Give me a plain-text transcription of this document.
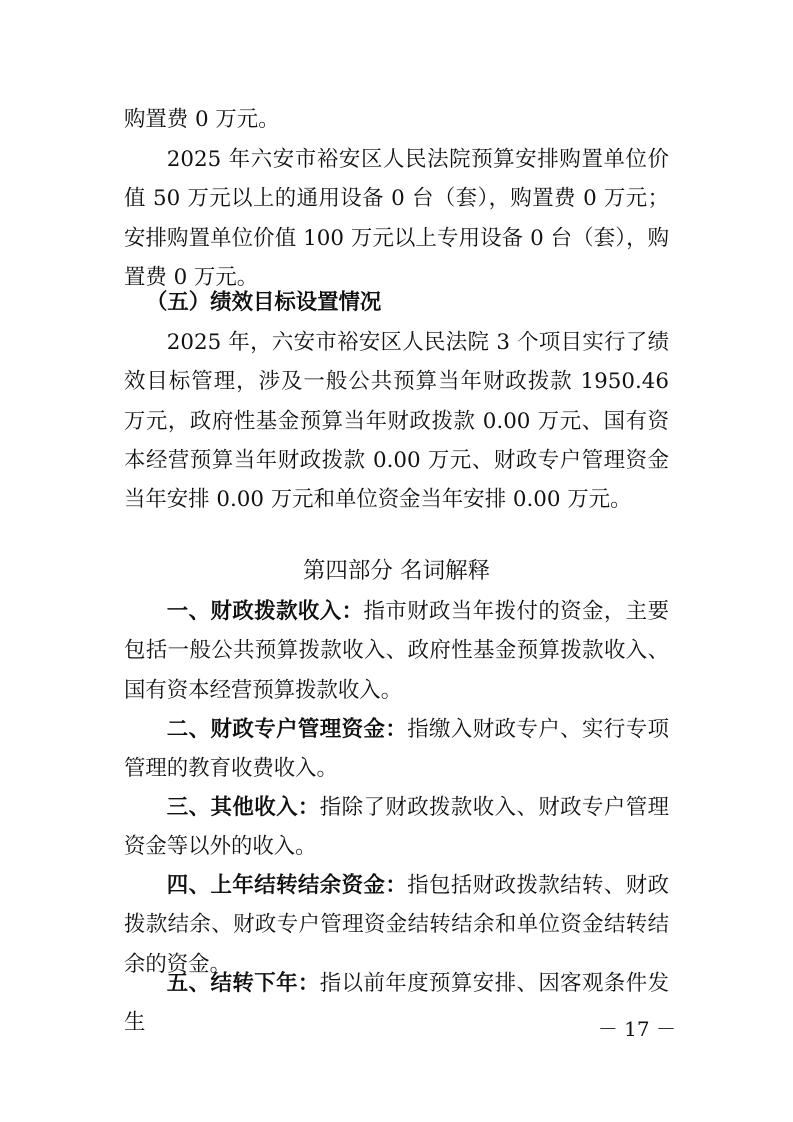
购置费 0 万元。

2025 年六安市裕安区人民法院预算安排购置单位价值 50 万元以上的通用设备 0 台（套），购置费 0 万元；安排购置单位价值 100 万元以上专用设备 0 台（套），购置费 0 万元。

（五）绩效目标设置情况

2025 年，六安市裕安区人民法院 3 个项目实行了绩效目标管理，涉及一般公共预算当年财政拨款 1950.46 万元，政府性基金预算当年财政拨款 0.00 万元、国有资本经营预算当年财政拨款 0.00 万元、财政专户管理资金当年安排 0.00 万元和单位资金当年安排 0.00 万元。

第四部分 名词解释

一、财政拨款收入：指市财政当年拨付的资金，主要包括一般公共预算拨款收入、政府性基金预算拨款收入、国有资本经营预算拨款收入。

二、财政专户管理资金：指缴入财政专户、实行专项管理的教育收费收入。

三、其他收入：指除了财政拨款收入、财政专户管理资金等以外的收入。

四、上年结转结余资金：指包括财政拨款结转、财政拨款结余、财政专户管理资金结转结余和单位资金结转结余的资金。

五、结转下年：指以前年度预算安排、因客观条件发生	－ 17 －
